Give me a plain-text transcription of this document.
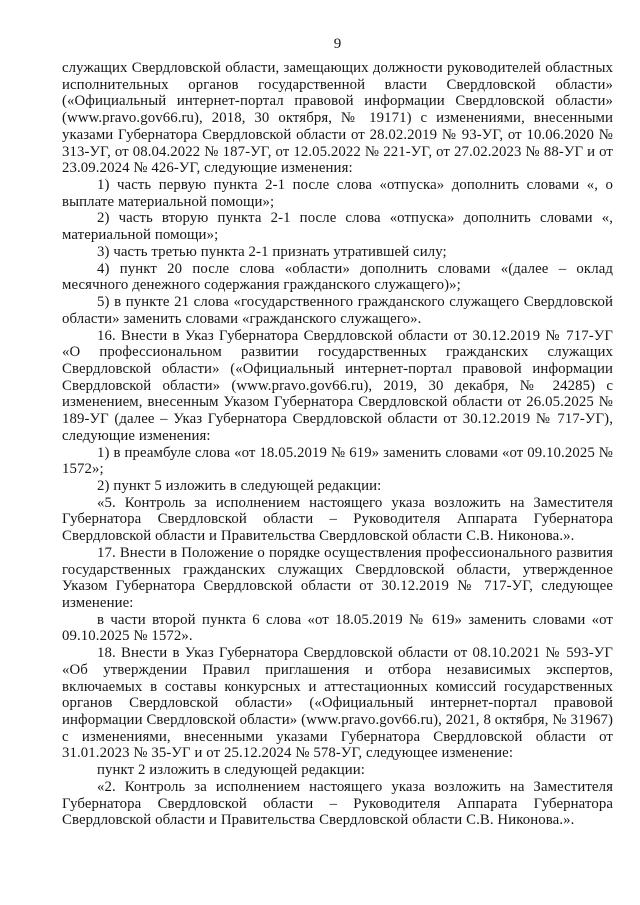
9

служащих Свердловской области, замещающих должности руководителей областных исполнительных органов государственной власти Свердловской области» («Официальный интернет-портал правовой информации Свердловской области» (www.pravo.gov66.ru), 2018, 30 октября, № 19171) с изменениями, внесенными указами Губернатора Свердловской области от 28.02.2019 № 93-УГ, от 10.06.2020 № 313-УГ, от 08.04.2022 № 187-УГ, от 12.05.2022 № 221-УГ, от 27.02.2023 № 88-УГ и от 23.09.2024 № 426-УГ, следующие изменения:

1) часть первую пункта 2-1 после слова «отпуска» дополнить словами «, о выплате материальной помощи»;

2) часть вторую пункта 2-1 после слова «отпуска» дополнить словами «, материальной помощи»;

3) часть третью пункта 2-1 признать утратившей силу;

4) пункт 20 после слова «области» дополнить словами «(далее – оклад месячного денежного содержания гражданского служащего)»;

5) в пункте 21 слова «государственного гражданского служащего Свердловской области» заменить словами «гражданского служащего».

16. Внести в Указ Губернатора Свердловской области от 30.12.2019 № 717-УГ «О профессиональном развитии государственных гражданских служащих Свердловской области» («Официальный интернет-портал правовой информации Свердловской области» (www.pravo.gov66.ru), 2019, 30 декабря, № 24285) с изменением, внесенным Указом Губернатора Свердловской области от 26.05.2025 № 189-УГ (далее – Указ Губернатора Свердловской области от 30.12.2019 № 717-УГ), следующие изменения:

1) в преамбуле слова «от 18.05.2019 № 619» заменить словами «от 09.10.2025 № 1572»;

2) пункт 5 изложить в следующей редакции:

«5. Контроль за исполнением настоящего указа возложить на Заместителя Губернатора Свердловской области – Руководителя Аппарата Губернатора Свердловской области и Правительства Свердловской области С.В. Никонова.».

17. Внести в Положение о порядке осуществления профессионального развития государственных гражданских служащих Свердловской области, утвержденное Указом Губернатора Свердловской области от 30.12.2019 № 717-УГ, следующее изменение:

в части второй пункта 6 слова «от 18.05.2019 № 619» заменить словами «от 09.10.2025 № 1572».

18. Внести в Указ Губернатора Свердловской области от 08.10.2021 № 593-УГ «Об утверждении Правил приглашения и отбора независимых экспертов, включаемых в составы конкурсных и аттестационных комиссий государственных органов Свердловской области» («Официальный интернет-портал правовой информации Свердловской области» (www.pravo.gov66.ru), 2021, 8 октября, № 31967) с изменениями, внесенными указами Губернатора Свердловской области от 31.01.2023 № 35-УГ и от 25.12.2024 № 578-УГ, следующее изменение:

пункт 2 изложить в следующей редакции:

«2. Контроль за исполнением настоящего указа возложить на Заместителя Губернатора Свердловской области – Руководителя Аппарата Губернатора Свердловской области и Правительства Свердловской области С.В. Никонова.».
